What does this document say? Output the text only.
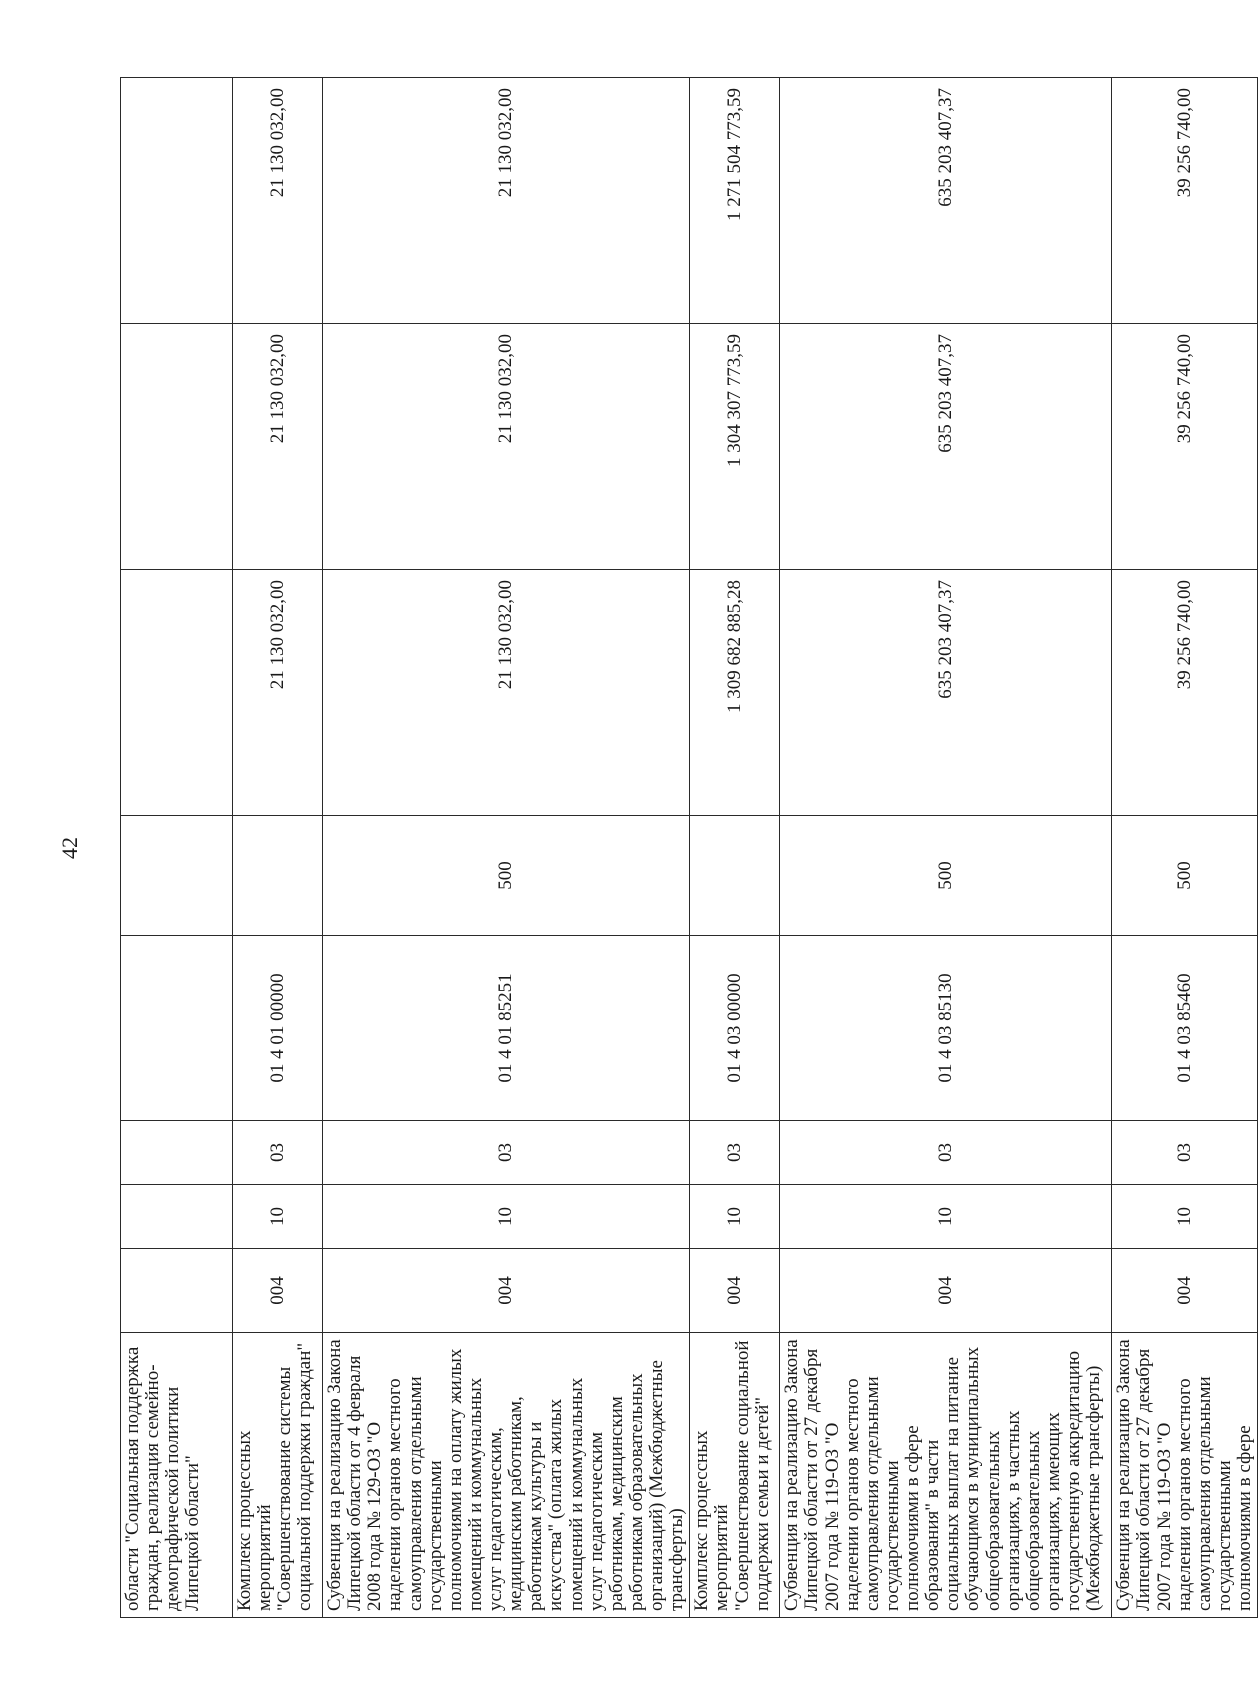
42
области "Социальная поддержка граждан, реализация семейно-демографической политики Липецкой области"								
Комплекс процессных мероприятий "Совершенствование системы социальной поддержки граждан"	004	10	03	01 4 01 00000		21 130 032,00	21 130 032,00	21 130 032,00
Субвенция на реализацию Закона Липецкой области от 4 февраля 2008 года № 129-ОЗ "О наделении органов местного самоуправления отдельными государственными полномочиями на оплату жилых помещений и коммунальных услуг педагогическим, медицинским работникам, работникам культуры и искусства" (оплата жилых помещений и коммунальных услуг педагогическим работникам, медицинским работникам образовательных организаций) (Межбюджетные трансферты)	004	10	03	01 4 01 85251	500	21 130 032,00	21 130 032,00	21 130 032,00
Комплекс процессных мероприятий "Совершенствование социальной поддержки семьи и детей"	004	10	03	01 4 03 00000		1 309 682 885,28	1 304 307 773,59	1 271 504 773,59
Субвенция на реализацию Закона Липецкой области от 27 декабря 2007 года № 119-ОЗ "О наделении органов местного самоуправления отдельными государственными полномочиями в сфере образования" в части социальных выплат на питание обучающимся в муниципальных общеобразовательных организациях, в частных общеобразовательных организациях, имеющих государственную аккредитацию (Межбюджетные трансферты)	004	10	03	01 4 03 85130	500	635 203 407,37	635 203 407,37	635 203 407,37
Субвенция на реализацию Закона Липецкой области от 27 декабря 2007 года № 119-ОЗ "О наделении органов местного самоуправления отдельными государственными полномочиями в сфере	004	10	03	01 4 03 85460	500	39 256 740,00	39 256 740,00	39 256 740,00
